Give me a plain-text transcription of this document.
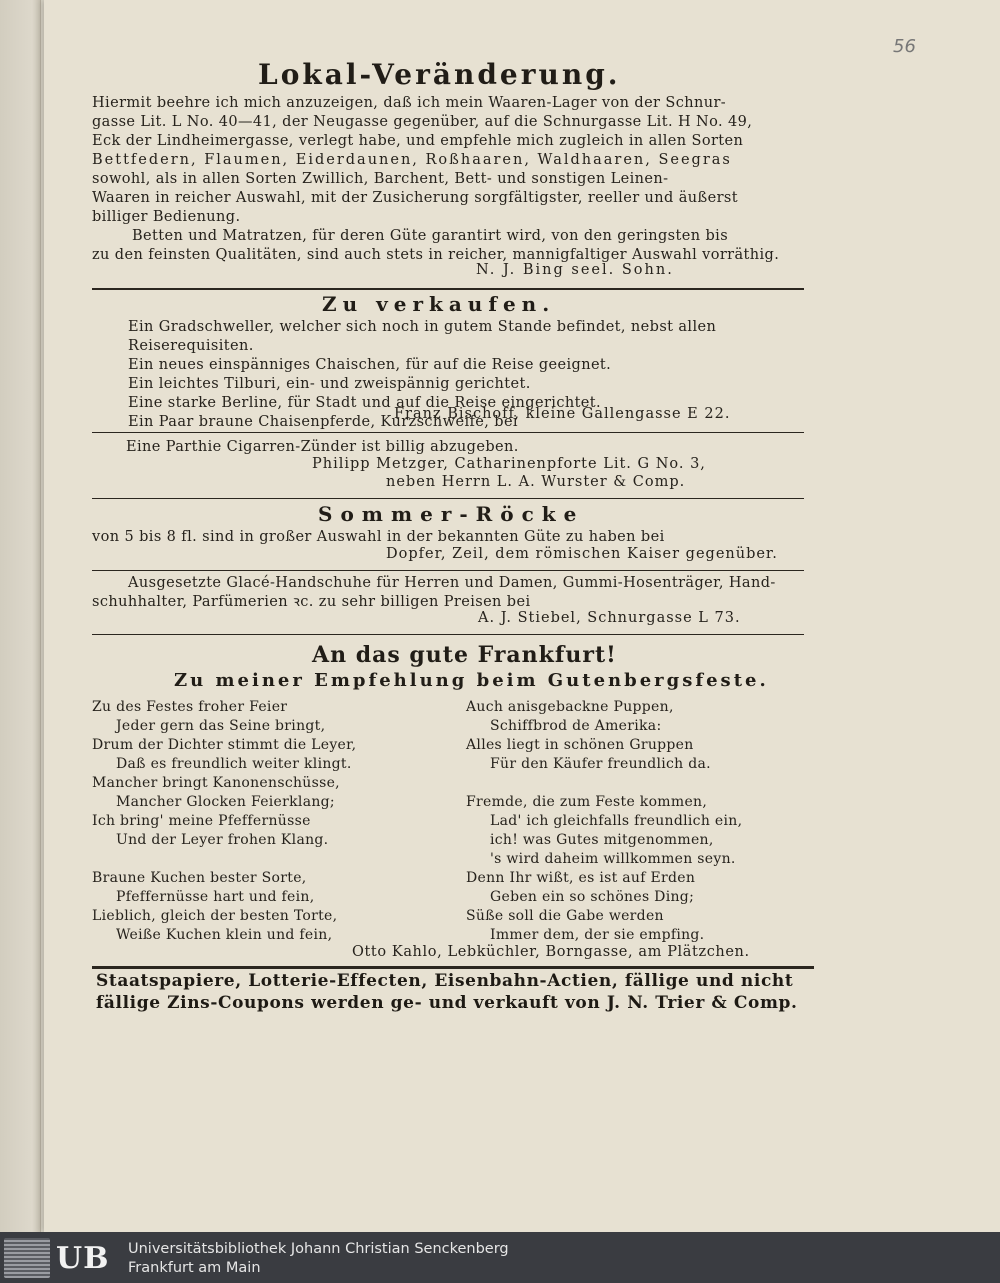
56
Lokal-Veränderung.

Hiermit beehre ich mich anzuzeigen, daß ich mein Waaren-Lager von der Schnur-

gasse Lit. L No. 40—41, der Neugasse gegenüber, auf die Schnurgasse Lit. H No. 49,

Eck der Lindheimergasse, verlegt habe, und empfehle mich zugleich in allen Sorten

Bettfedern, Flaumen, Eiderdaunen, Roßhaaren, Waldhaaren, Seegras

sowohl, als in allen Sorten Zwillich, Barchent, Bett- und sonstigen Leinen-

Waaren in reicher Auswahl, mit der Zusicherung sorgfältigster, reeller und äußerst

billiger Bedienung.

Betten und Matratzen, für deren Güte garantirt wird, von den geringsten bis

zu den feinsten Qualitäten, sind auch stets in reicher, mannigfaltiger Auswahl vorräthig.

N. J. Bing seel. Sohn.
Zu verkaufen.

Ein Gradschweller, welcher sich noch in gutem Stande befindet, nebst allen Reiserequisiten.

Ein neues einspänniges Chaischen, für auf die Reise geeignet.

Ein leichtes Tilburi, ein- und zweispännig gerichtet.

Eine starke Berline, für Stadt und auf die Reise eingerichtet.

Ein Paar braune Chaisenpferde, Kurzschweife, bei

Franz Bischoff, kleine Gallengasse E 22.

Eine Parthie Cigarren-Zünder ist billig abzugeben.

Philipp Metzger, Catharinenpforte Lit. G No. 3,
neben Herrn L. A. Wurster & Comp.
Sommer-Röcke

von 5 bis 8 fl. sind in großer Auswahl in der bekannten Güte zu haben bei

Dopfer, Zeil, dem römischen Kaiser gegenüber.

Ausgesetzte Glacé-Handschuhe für Herren und Damen, Gummi-Hosenträger, Hand-

schuhhalter, Parfümerien ꝛc. zu sehr billigen Preisen bei

A. J. Stiebel, Schnurgasse L 73.
An das gute Frankfurt!
Zu meiner Empfehlung beim Gutenbergsfeste.
Zu des Festes froher Feier
Jeder gern das Seine bringt,
Drum der Dichter stimmt die Leyer,
Daß es freundlich weiter klingt.
Mancher bringt Kanonenschüsse,
Mancher Glocken Feierklang;
Ich bring' meine Pfeffernüsse
Und der Leyer frohen Klang.
Braune Kuchen bester Sorte,
Pfeffernüsse hart und fein,
Lieblich, gleich der besten Torte,
Weiße Kuchen klein und fein,
Auch anisgebackne Puppen,
Schiffbrod de Amerika:
Alles liegt in schönen Gruppen
Für den Käufer freundlich da.
Fremde, die zum Feste kommen,
Lad' ich gleichfalls freundlich ein,
ich! was Gutes mitgenommen,
's wird daheim willkommen seyn.
Denn Ihr wißt, es ist auf Erden
Geben ein so schönes Ding;
Süße soll die Gabe werden
Immer dem, der sie empfing.
Otto Kahlo, Lebküchler, Borngasse, am Plätzchen.
Staatspapiere, Lotterie-Effecten, Eisenbahn-Actien, fällige und nicht
fällige Zins-Coupons werden ge- und verkauft von J. N. Trier & Comp.
UB Universitätsbibliothek Johann Christian Senckenberg
Frankfurt am Main
